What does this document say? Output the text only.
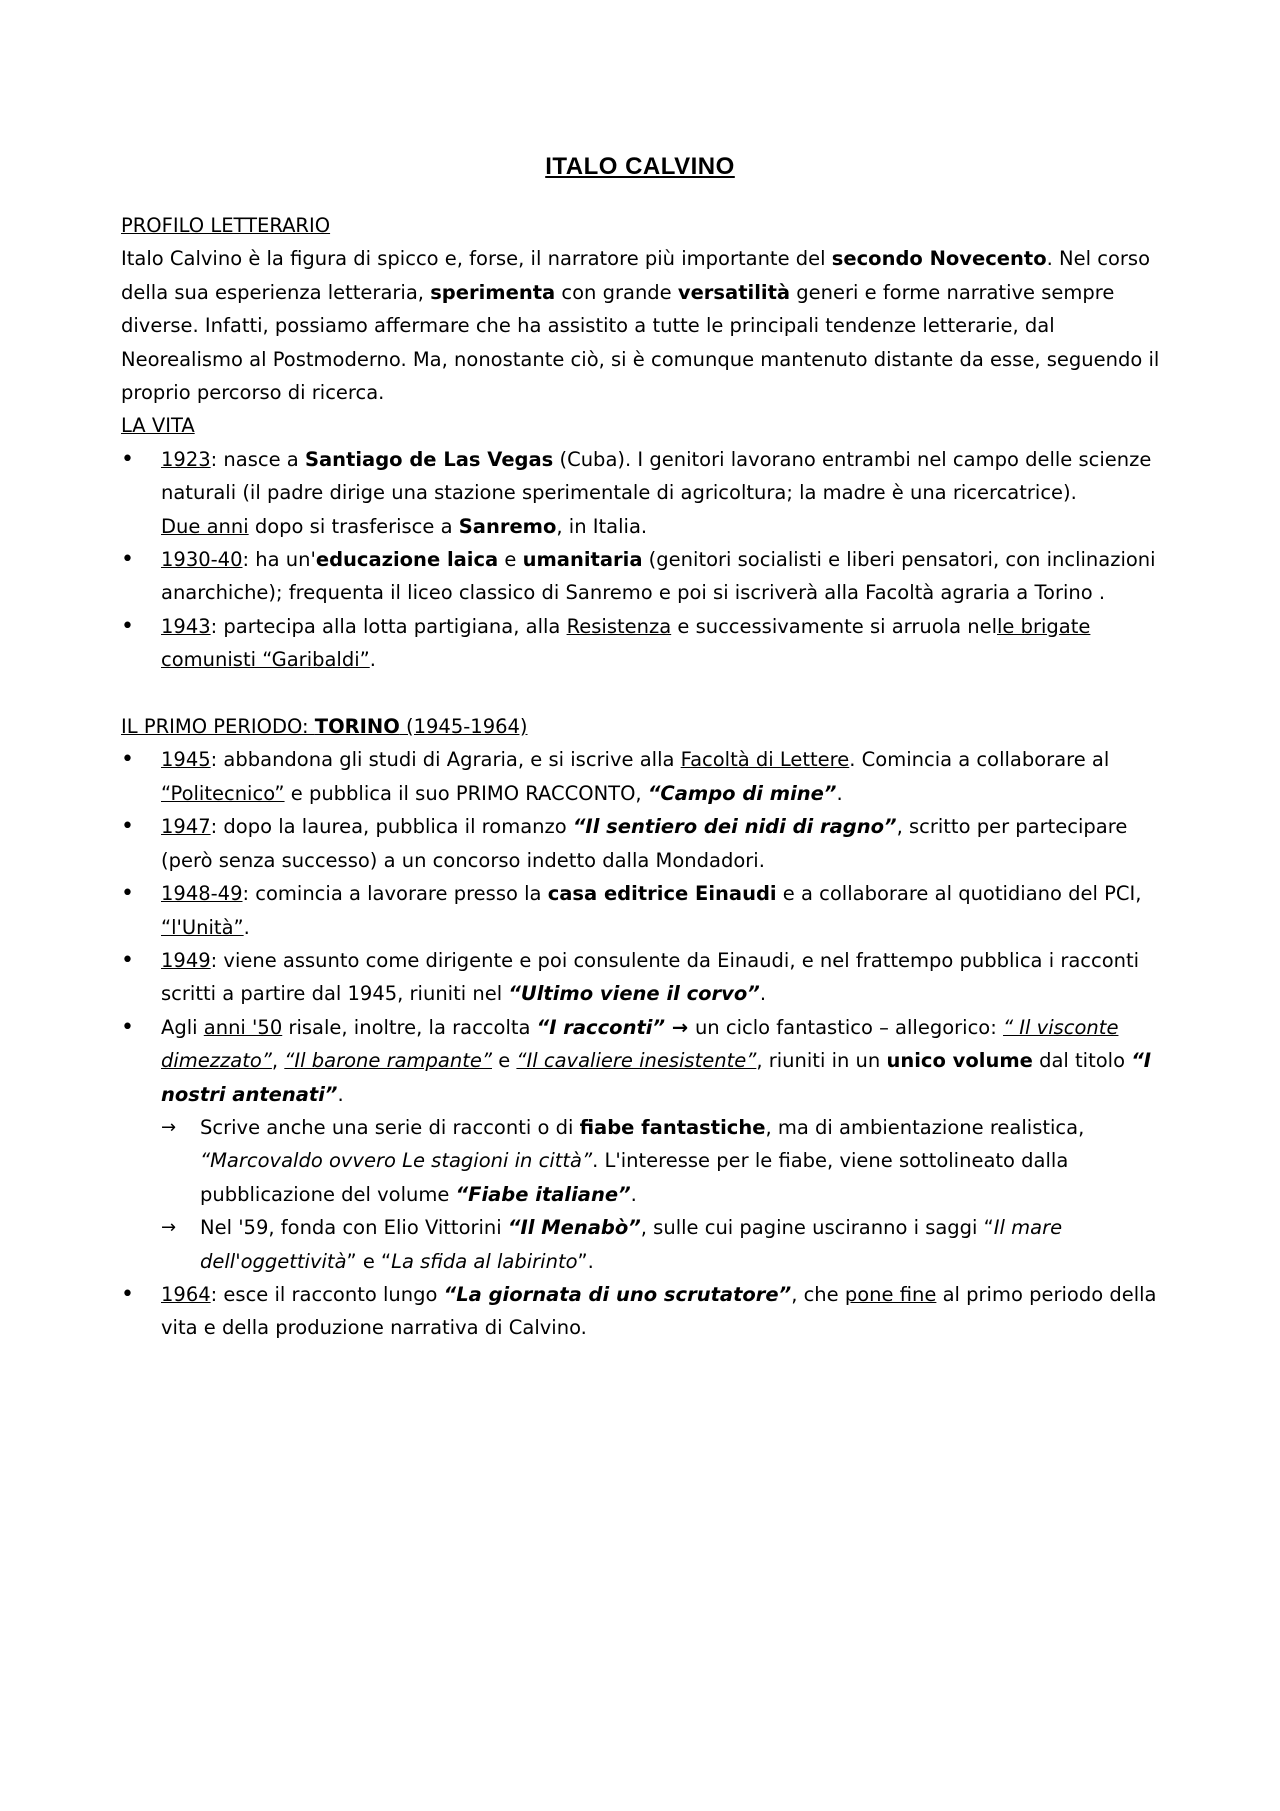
ITALO CALVINO

PROFILO LETTERARIO

Italo Calvino è la figura di spicco e, forse, il narratore più importante del secondo Novecento. Nel corso della sua esperienza letteraria, sperimenta con grande versatilità generi e forme narrative sempre diverse. Infatti, possiamo affermare che ha assistito a tutte le principali tendenze letterarie, dal Neorealismo al Postmoderno. Ma, nonostante ciò, si è comunque mantenuto distante da esse, seguendo il proprio percorso di ricerca.

LA VITA

• 1923: nasce a Santiago de Las Vegas (Cuba). I genitori lavorano entrambi nel campo delle scienze naturali (il padre dirige una stazione sperimentale di agricoltura; la madre è una ricercatrice).
Due anni dopo si trasferisce a Sanremo, in Italia.
• 1930-40: ha un'educazione laica e umanitaria (genitori socialisti e liberi pensatori, con inclinazioni anarchiche); frequenta il liceo classico di Sanremo e poi si iscriverà alla Facoltà agraria a Torino .
• 1943: partecipa alla lotta partigiana, alla Resistenza e successivamente si arruola nelle brigate comunisti “Garibaldi”.

IL PRIMO PERIODO: TORINO (1945-1964)

• 1945: abbandona gli studi di Agraria, e si iscrive alla Facoltà di Lettere. Comincia a collaborare al “Politecnico” e pubblica il suo PRIMO RACCONTO, “Campo di mine”.
• 1947: dopo la laurea, pubblica il romanzo “Il sentiero dei nidi di ragno”, scritto per partecipare (però senza successo) a un concorso indetto dalla Mondadori.
• 1948-49: comincia a lavorare presso la casa editrice Einaudi e a collaborare al quotidiano del PCI, “l'Unità”.
• 1949: viene assunto come dirigente e poi consulente da Einaudi, e nel frattempo pubblica i racconti scritti a partire dal 1945, riuniti nel “Ultimo viene il corvo”.
• Agli anni '50 risale, inoltre, la raccolta “I racconti” → un ciclo fantastico – allegorico: “ Il visconte dimezzato”, “Il barone rampante” e “Il cavaliere inesistente”, riuniti in un unico volume dal titolo “I nostri antenati”.
→ Scrive anche una serie di racconti o di fiabe fantastiche, ma di ambientazione realistica, “Marcovaldo ovvero Le stagioni in città”. L'interesse per le fiabe, viene sottolineato dalla pubblicazione del volume “Fiabe italiane”.
→ Nel '59, fonda con Elio Vittorini “Il Menabò”, sulle cui pagine usciranno i saggi “Il mare dell'oggettività” e “La sfida al labirinto”.
• 1964: esce il racconto lungo “La giornata di uno scrutatore”, che pone fine al primo periodo della vita e della produzione narrativa di Calvino.
